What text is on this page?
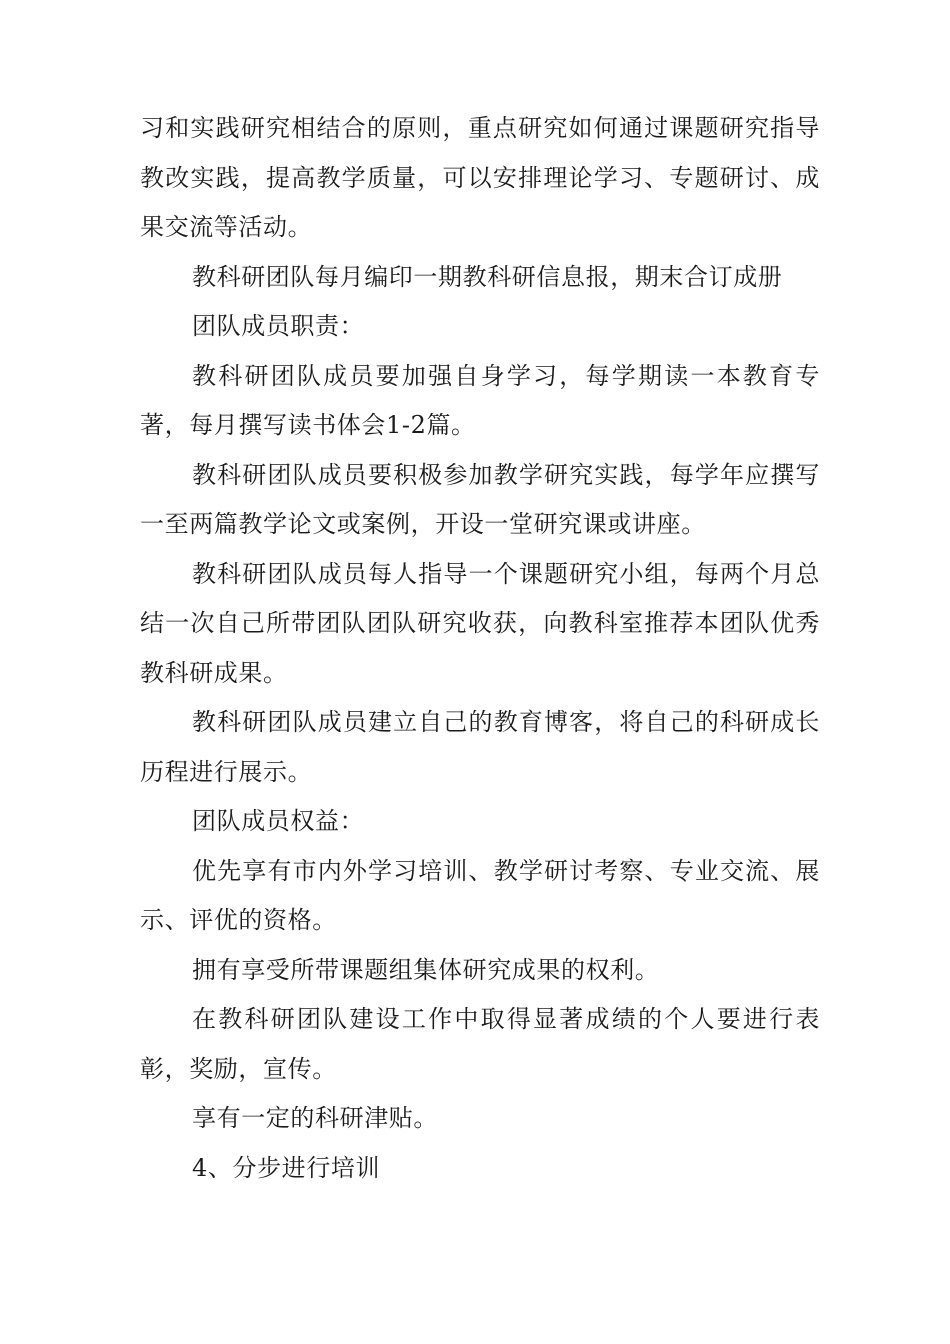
习和实践研究相结合的原则，重点研究如何通过课题研究指导教改实践，提高教学质量，可以安排理论学习、专题研讨、成果交流等活动。

教科研团队每月编印一期教科研信息报，期末合订成册

团队成员职责：

教科研团队成员要加强自身学习，每学期读一本教育专著，每月撰写读书体会1-2篇。

教科研团队成员要积极参加教学研究实践，每学年应撰写一至两篇教学论文或案例，开设一堂研究课或讲座。

教科研团队成员每人指导一个课题研究小组，每两个月总结一次自己所带团队团队研究收获，向教科室推荐本团队优秀教科研成果。

教科研团队成员建立自己的教育博客，将自己的科研成长历程进行展示。

团队成员权益：

优先享有市内外学习培训、教学研讨考察、专业交流、展示、评优的资格。

拥有享受所带课题组集体研究成果的权利。

在教科研团队建设工作中取得显著成绩的个人要进行表彰，奖励，宣传。

享有一定的科研津贴。

4、分步进行培训
